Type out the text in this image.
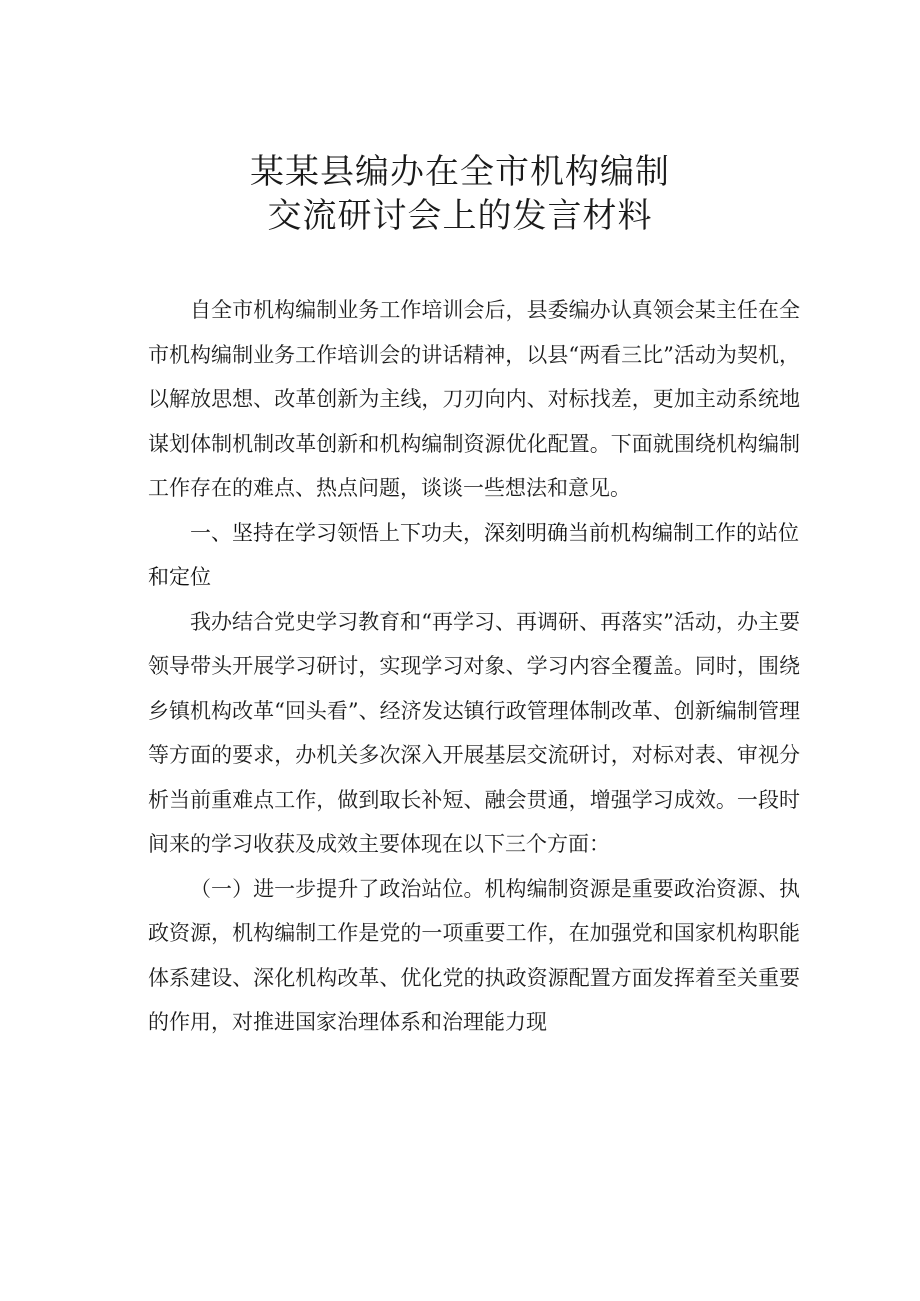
某某县编办在全市机构编制
交流研讨会上的发言材料

自全市机构编制业务工作培训会后，县委编办认真领会某主任在全市机构编制业务工作培训会的讲话精神，以县“两看三比”活动为契机，以解放思想、改革创新为主线，刀刃向内、对标找差，更加主动系统地谋划体制机制改革创新和机构编制资源优化配置。下面就围绕机构编制工作存在的难点、热点问题，谈谈一些想法和意见。

一、坚持在学习领悟上下功夫，深刻明确当前机构编制工作的站位和定位

我办结合党史学习教育和“再学习、再调研、再落实”活动，办主要领导带头开展学习研讨，实现学习对象、学习内容全覆盖。同时，围绕乡镇机构改革“回头看”、经济发达镇行政管理体制改革、创新编制管理等方面的要求，办机关多次深入开展基层交流研讨，对标对表、审视分析当前重难点工作，做到取长补短、融会贯通，增强学习成效。一段时间来的学习收获及成效主要体现在以下三个方面：

（一）进一步提升了政治站位。机构编制资源是重要政治资源、执政资源，机构编制工作是党的一项重要工作，在加强党和国家机构职能体系建设、深化机构改革、优化党的执政资源配置方面发挥着至关重要的作用，对推进国家治理体系和治理能力现
